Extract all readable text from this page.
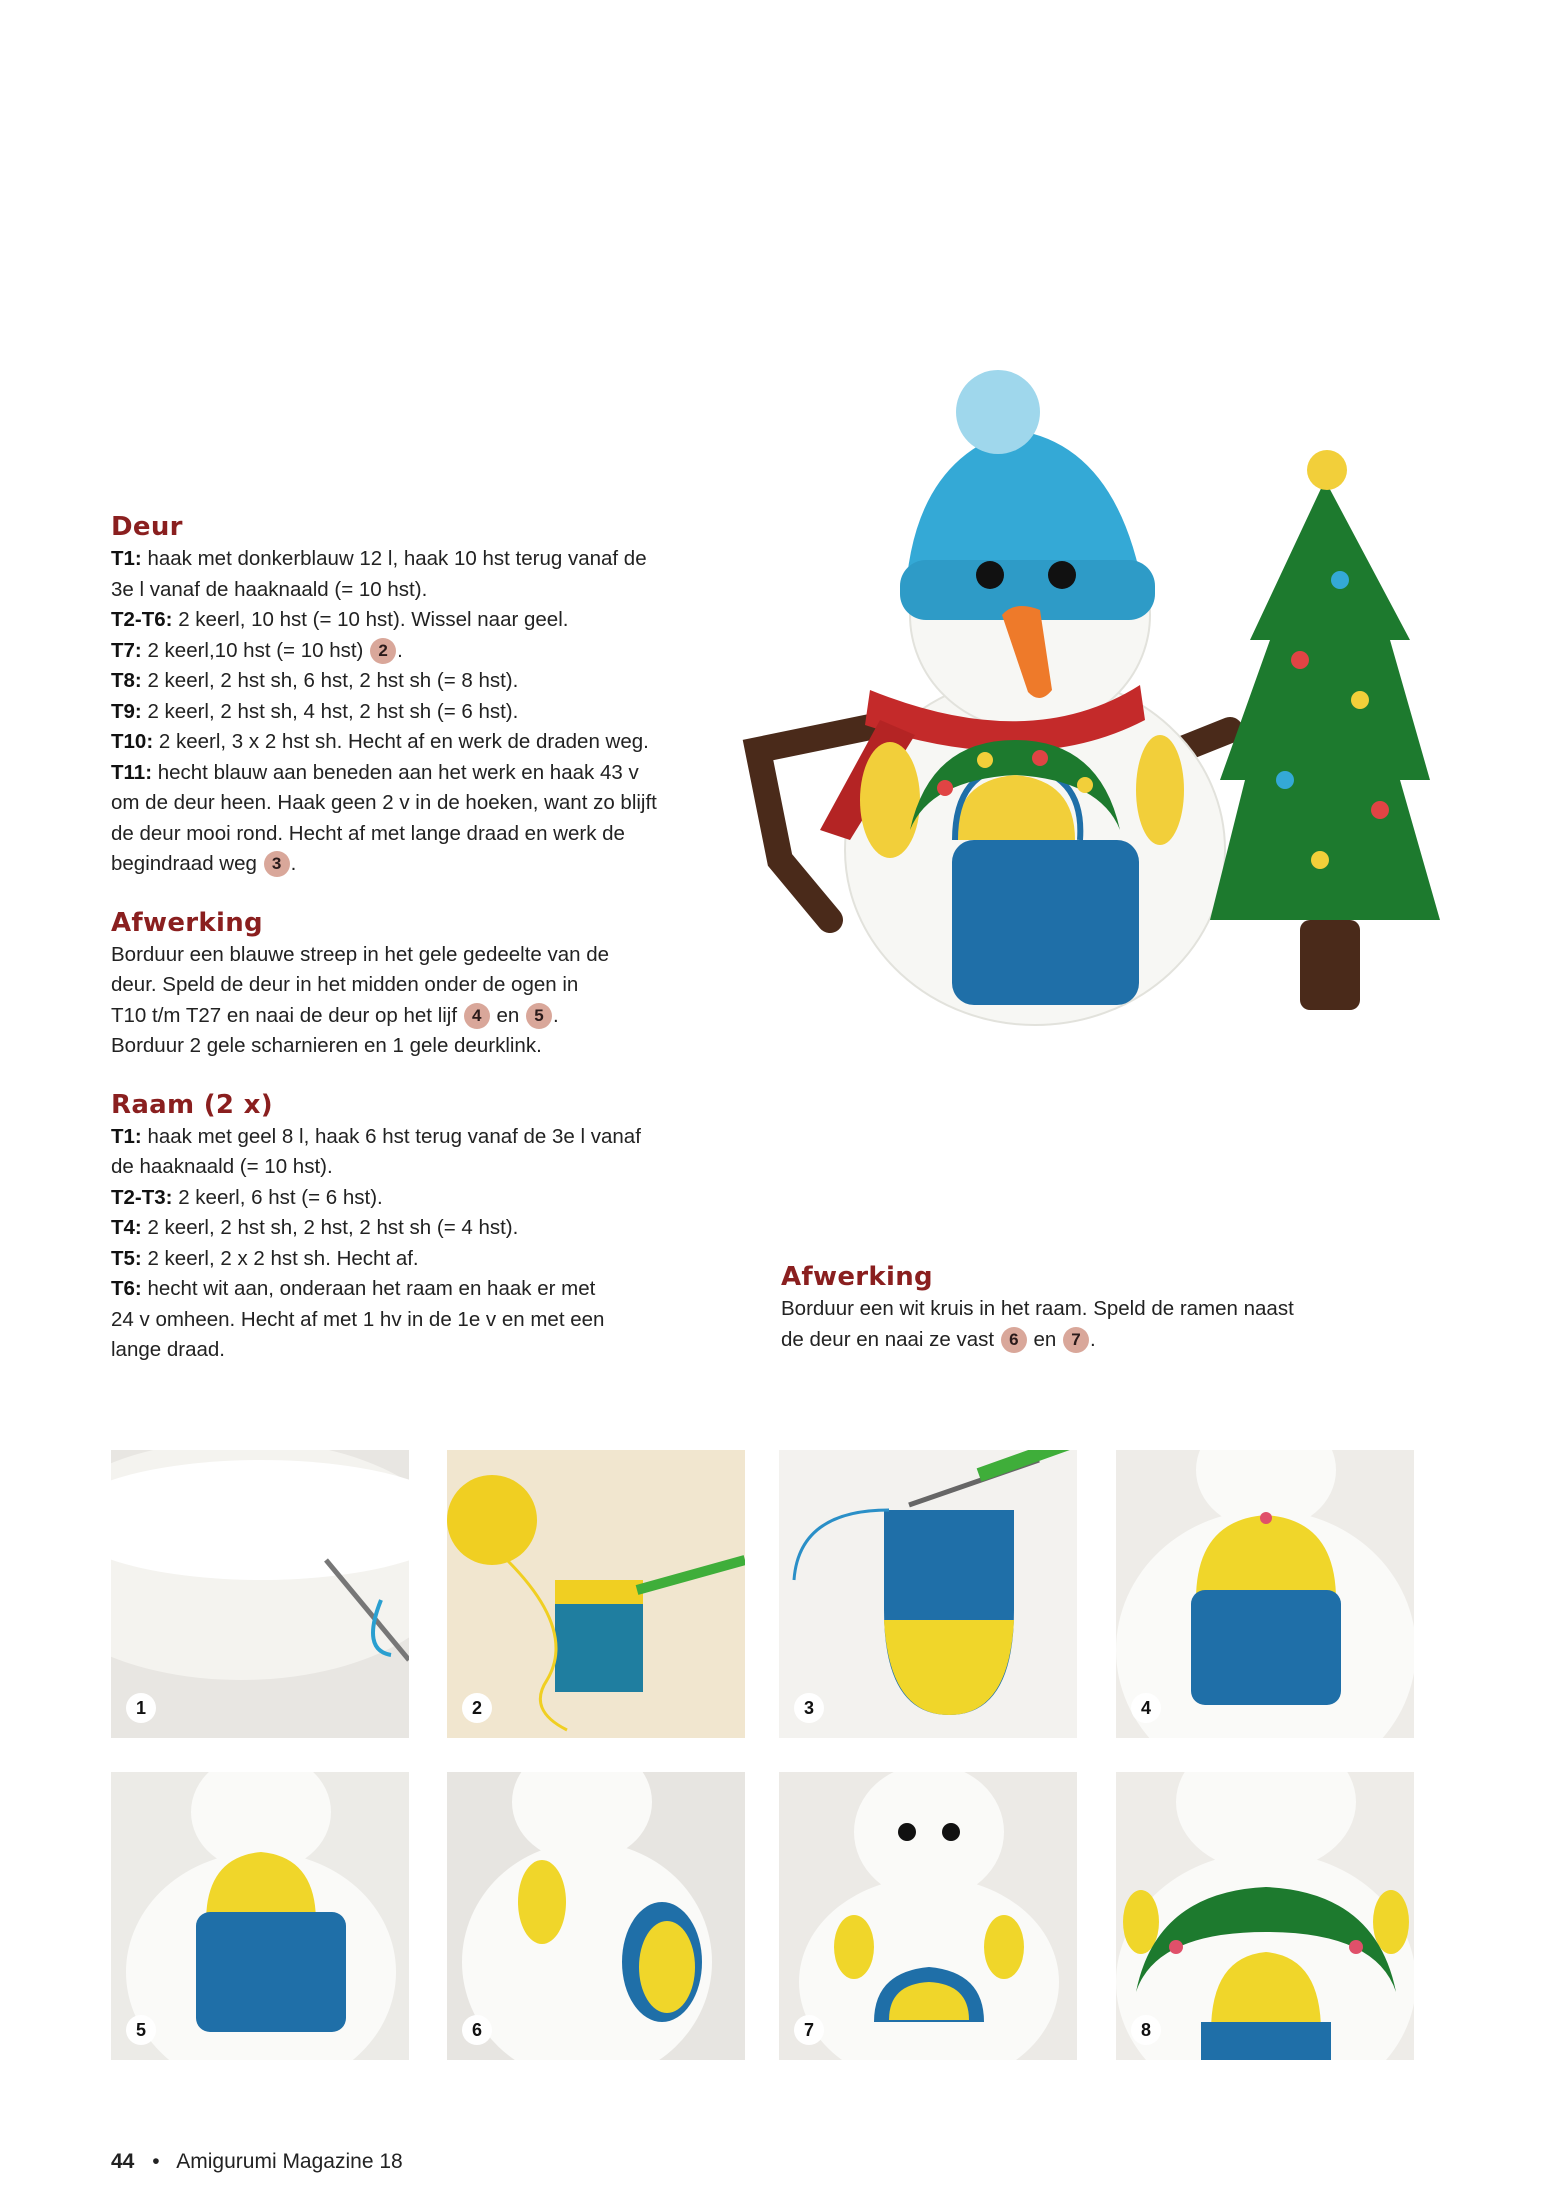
Deur

T1: haak met donkerblauw 12 l, haak 10 hst terug vanaf de

3e l vanaf de haaknaald (= 10 hst).

T2-T6: 2 keerl, 10 hst (= 10 hst). Wissel naar geel.

T7: 2 keerl,10 hst (= 10 hst) 2 .

T8: 2 keerl, 2 hst sh, 6 hst, 2 hst sh (= 8 hst).

T9: 2 keerl, 2 hst sh, 4 hst, 2 hst sh (= 6 hst).

T10: 2 keerl, 3 x 2 hst sh. Hecht af en werk de draden weg.

T11: hecht blauw aan beneden aan het werk en haak 43 v

om de deur heen. Haak geen 2 v in de hoeken, want zo blijft

de deur mooi rond. Hecht af met lange draad en werk de

begindraad weg 3 .

Afwerking

Borduur een blauwe streep in het gele gedeelte van de

deur. Speld de deur in het midden onder de ogen in

T10 t/m T27 en naai de deur op het lijf 4 en 5 .

Borduur 2 gele scharnieren en 1 gele deurklink.

Raam (2 x)

T1: haak met geel 8 l, haak 6 hst terug vanaf de 3e l vanaf

de haaknaald (= 10 hst).

T2-T3: 2 keerl, 6 hst (= 6 hst).

T4: 2 keerl, 2 hst sh, 2 hst, 2 hst sh (= 4 hst).

T5: 2 keerl, 2 x 2 hst sh. Hecht af.

T6: hecht wit aan, onderaan het raam en haak er met

24 v omheen. Hecht af met 1 hv in de 1e v en met een

lange draad.

Afwerking

Borduur een wit kruis in het raam. Speld de ramen naast

de deur en naai ze vast 6 en 7 .

1	2	3	4
5	6	7	8
44 • Amigurumi Magazine 18
